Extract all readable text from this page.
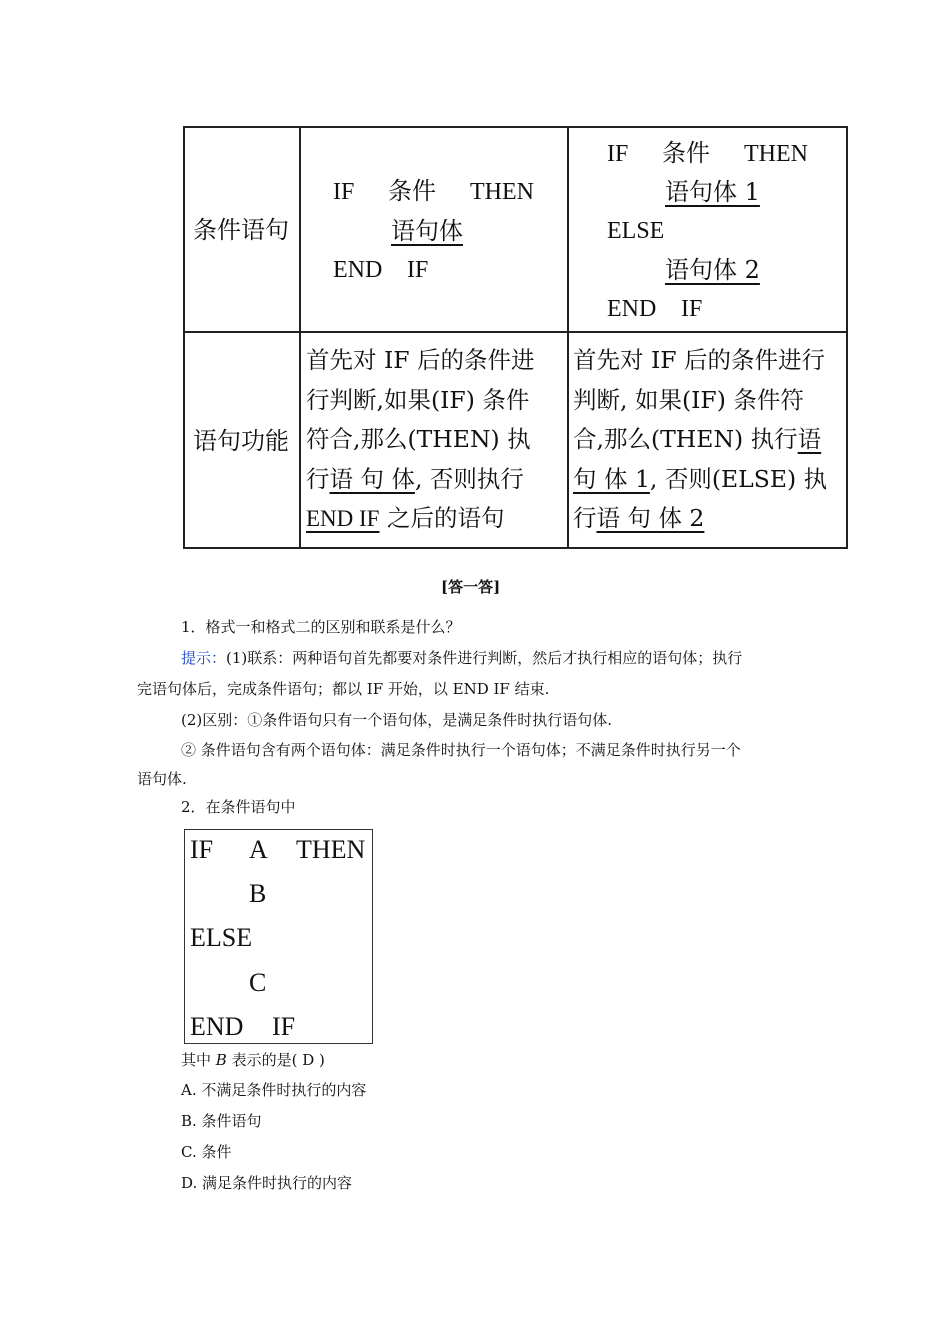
条件语句
IF 条件 THEN
语句体
END IF
IF 条件 THEN
语句体 1
ELSE
语句体 2
END IF
语句功能
首先对 IF 后的条件进
行判断,如果(IF) 条件
符合,那么(THEN) 执
行语 句 体, 否则执行
END IF 之后的语句
首先对 IF 后的条件进行
判断, 如果(IF) 条件符
合,那么(THEN) 执行语
句 体 1, 否则(ELSE) 执
行语 句 体 2
[答一答]
1．格式一和格式二的区别和联系是什么？
提示：(1)联系：两种语句首先都要对条件进行判断，然后才执行相应的语句体；执行
完语句体后，完成条件语句；都以 IF 开始，以 END IF 结束.
(2)区别：①条件语句只有一个语句体，是满足条件时执行语句体.
② 条件语句含有两个语句体：满足条件时执行一个语句体；不满足条件时执行另一个
语句体.
2．在条件语句中
IF A THEN
B
ELSE
C
END IF
其中 B 表示的是( D )
A. 不满足条件时执行的内容
B. 条件语句
C. 条件
D. 满足条件时执行的内容
